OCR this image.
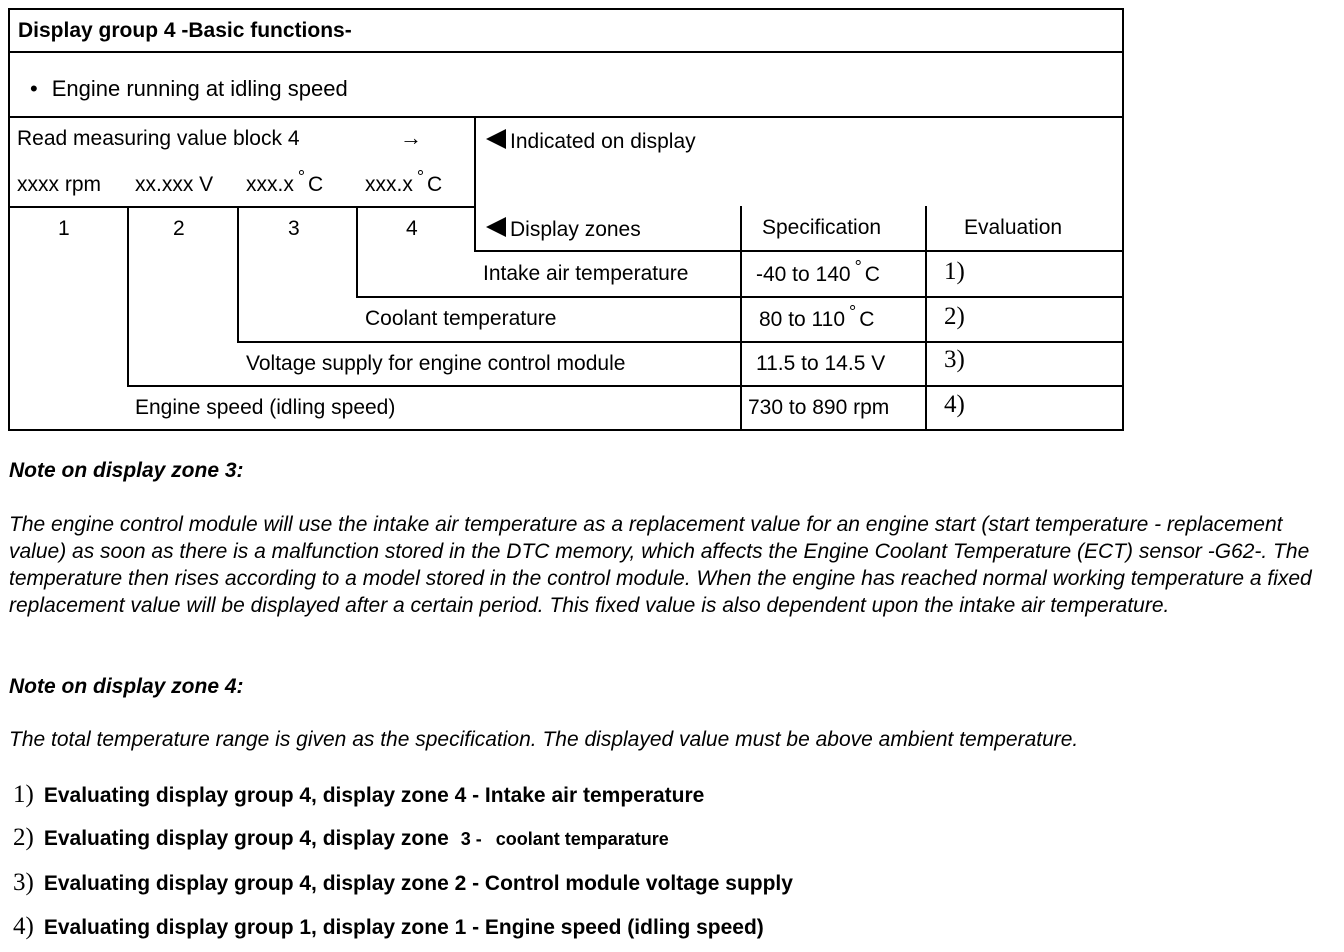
Display group 4 -Basic functions-
• Engine running at idling speed
Read measuring value block 4	→	Indicated on display
xxxx rpm xx.xxx V xxx.x ° C xxx.x ° C
1	2	3	4	Display zones	Specification	Evaluation
Intake air temperature	-40 to 140 ° C	1)
Coolant temperature	80 to 110 ° C	2)
Voltage supply for engine control module	11.5 to 14.5 V 3)
Engine speed (idling speed)	730 to 890 rpm 4)
Note on display zone 3:
The engine control module will use the intake air temperature as a replacement value for an engine start (start temperature - replacement value) as soon as there is a malfunction stored in the DTC memory, which affects the Engine Coolant Temperature (ECT) sensor -G62-. The temperature then rises according to a model stored in the control module. When the engine has reached normal working temperature a fixed replacement value will be displayed after a certain period. This fixed value is also dependent upon the intake air temperature.
Note on display zone 4:
The total temperature range is given as the specification. The displayed value must be above ambient temperature.
1) Evaluating display group 4, display zone 4 - Intake air temperature
2) Evaluating display group 4, display zone 3 - coolant temparature
3) Evaluating display group 4, display zone 2 - Control module voltage supply
4) Evaluating display group 1, display zone 1 - Engine speed (idling speed)
